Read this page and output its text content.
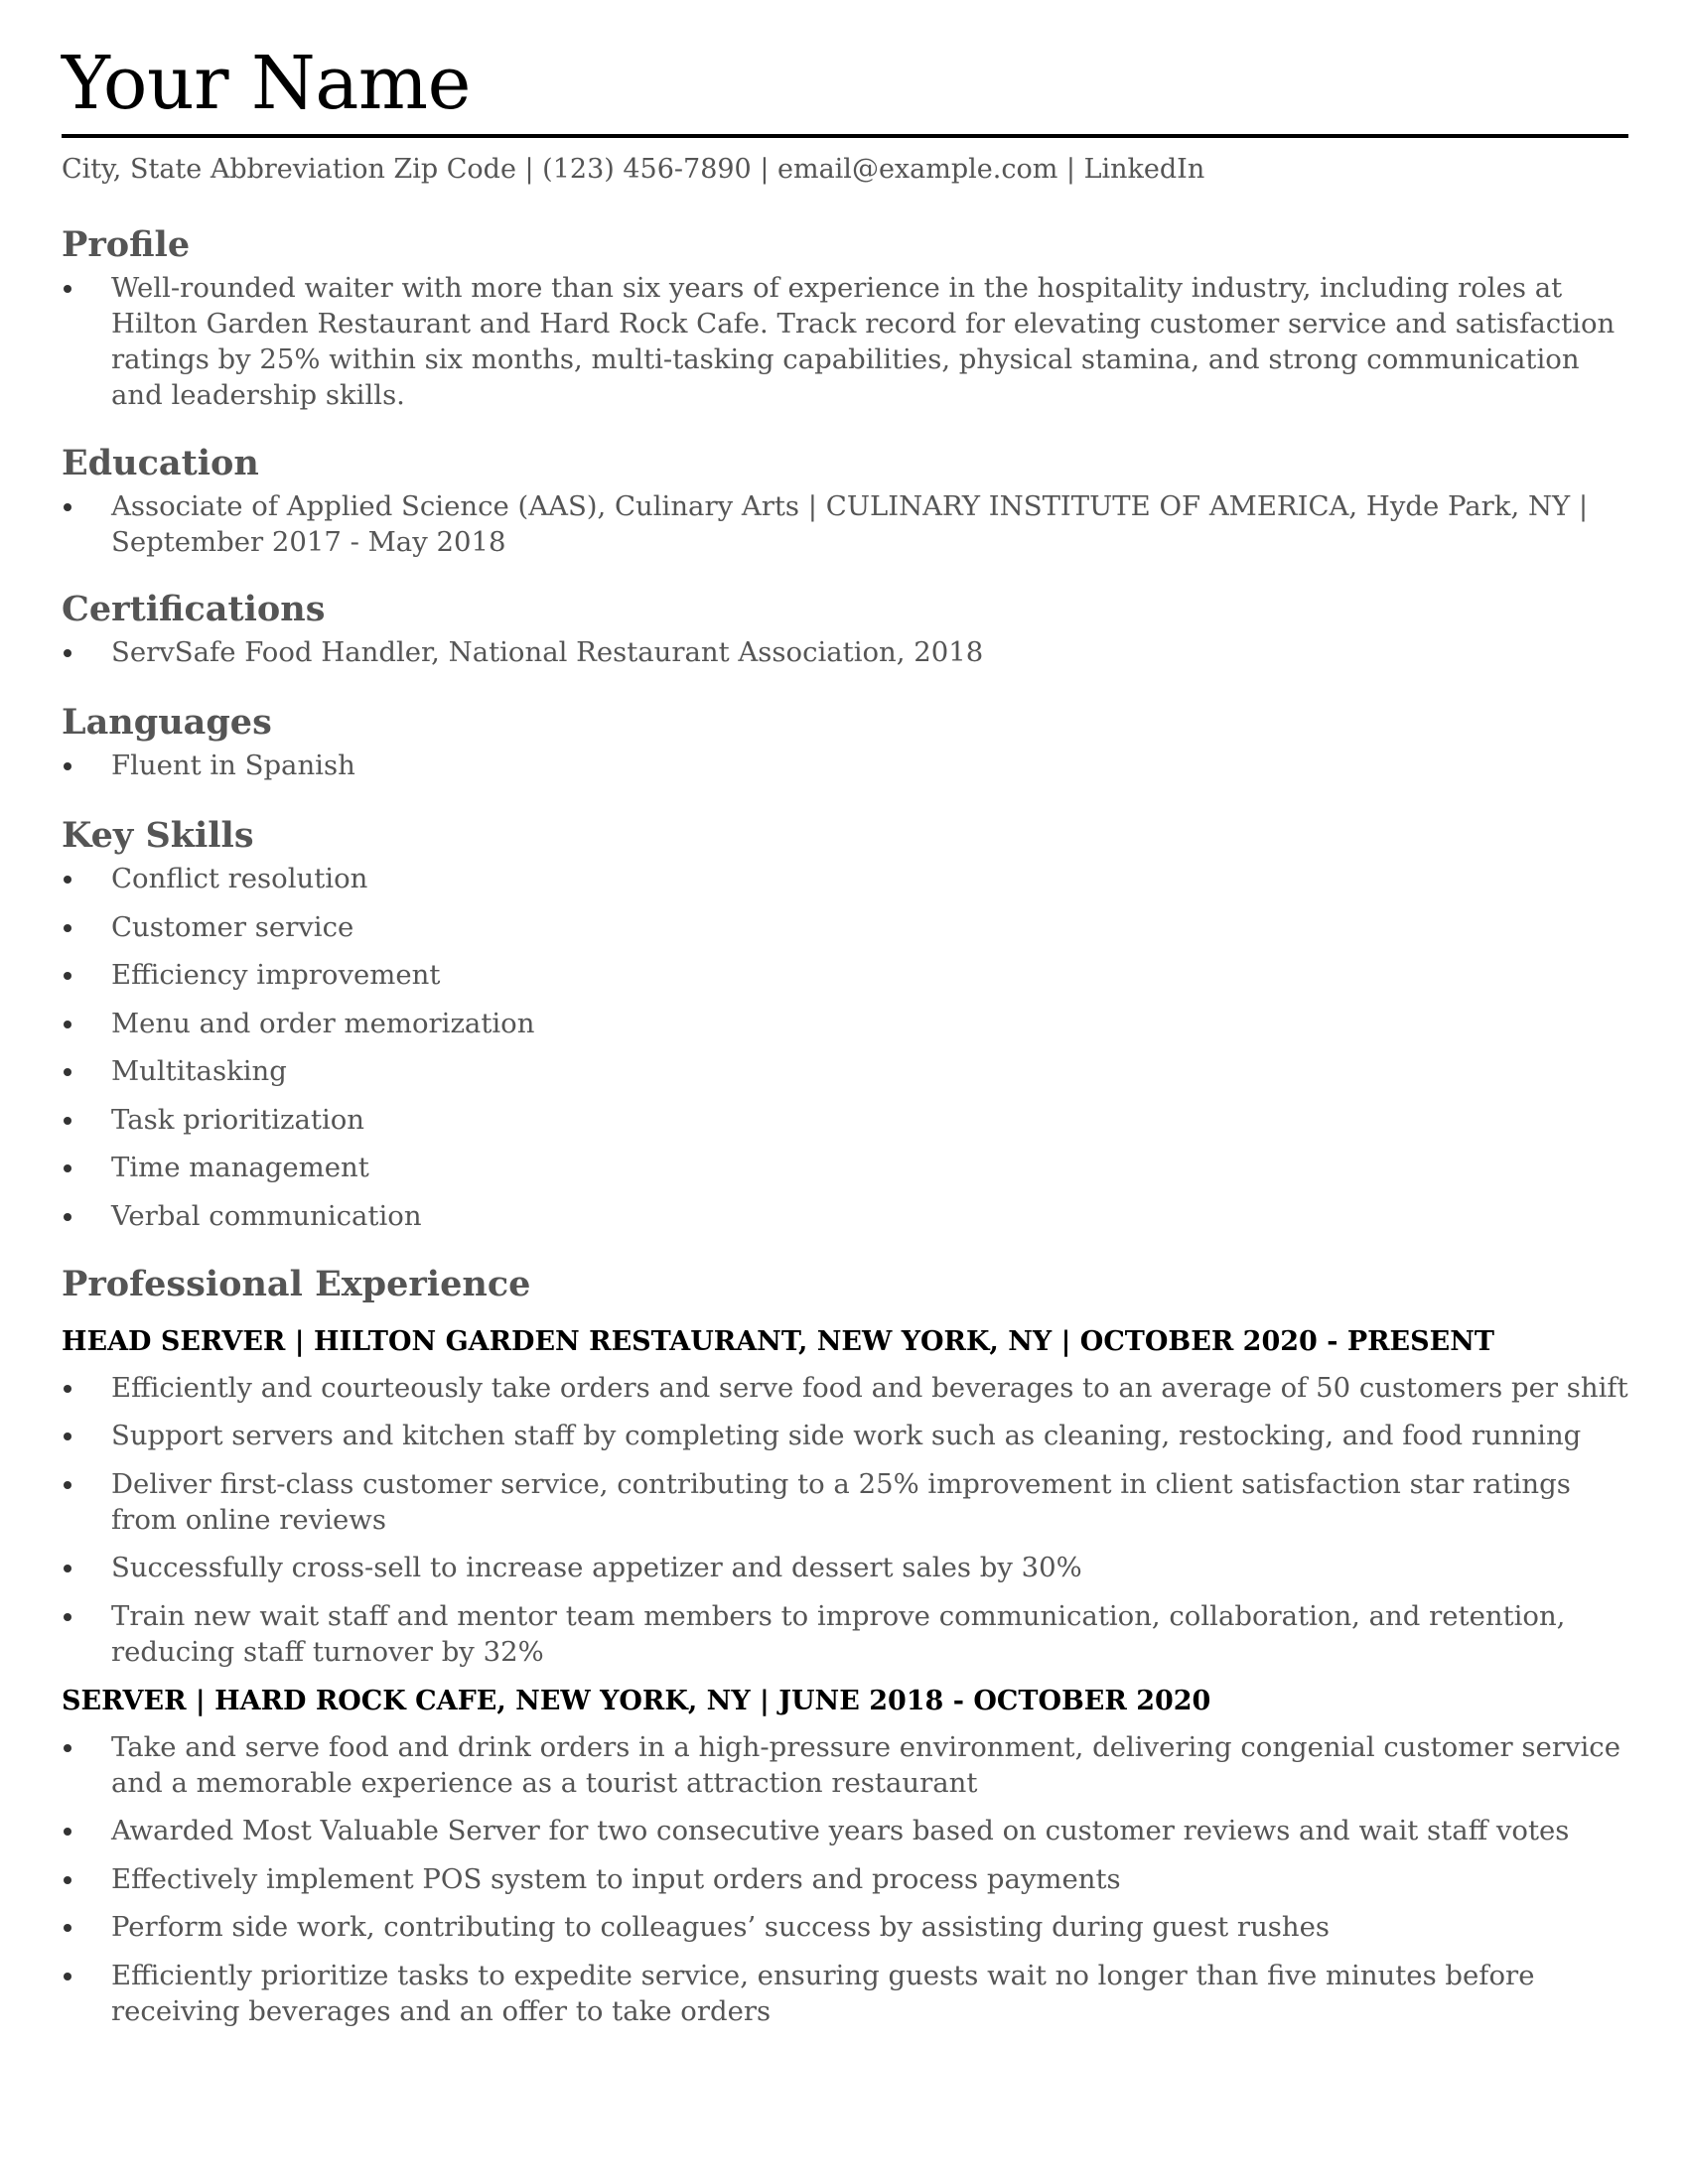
Your Name
City, State Abbreviation Zip Code | (123) 456-7890 | email@example.com | LinkedIn
Profile
Well-rounded waiter with more than six years of experience in the hospitality industry, including roles at Hilton Garden Restaurant and Hard Rock Cafe. Track record for elevating customer service and satisfaction ratings by 25% within six months, multi-tasking capabilities, physical stamina, and strong communication and leadership skills.
Education
Associate of Applied Science (AAS), Culinary Arts | CULINARY INSTITUTE OF AMERICA, Hyde Park, NY | September 2017 - May 2018
Certifications
ServSafe Food Handler, National Restaurant Association, 2018
Languages
Fluent in Spanish
Key Skills
Conflict resolution
Customer service
Efficiency improvement
Menu and order memorization
Multitasking
Task prioritization
Time management
Verbal communication
Professional Experience
HEAD SERVER | HILTON GARDEN RESTAURANT, NEW YORK, NY | OCTOBER 2020 - PRESENT
Efficiently and courteously take orders and serve food and beverages to an average of 50 customers per shift
Support servers and kitchen staff by completing side work such as cleaning, restocking, and food running
Deliver first-class customer service, contributing to a 25% improvement in client satisfaction star ratings from online reviews
Successfully cross-sell to increase appetizer and dessert sales by 30%
Train new wait staff and mentor team members to improve communication, collaboration, and retention, reducing staff turnover by 32%
SERVER | HARD ROCK CAFE, NEW YORK, NY | JUNE 2018 - OCTOBER 2020
Take and serve food and drink orders in a high-pressure environment, delivering congenial customer service and a memorable experience as a tourist attraction restaurant
Awarded Most Valuable Server for two consecutive years based on customer reviews and wait staff votes
Effectively implement POS system to input orders and process payments
Perform side work, contributing to colleagues’ success by assisting during guest rushes
Efficiently prioritize tasks to expedite service, ensuring guests wait no longer than five minutes before receiving beverages and an offer to take orders
